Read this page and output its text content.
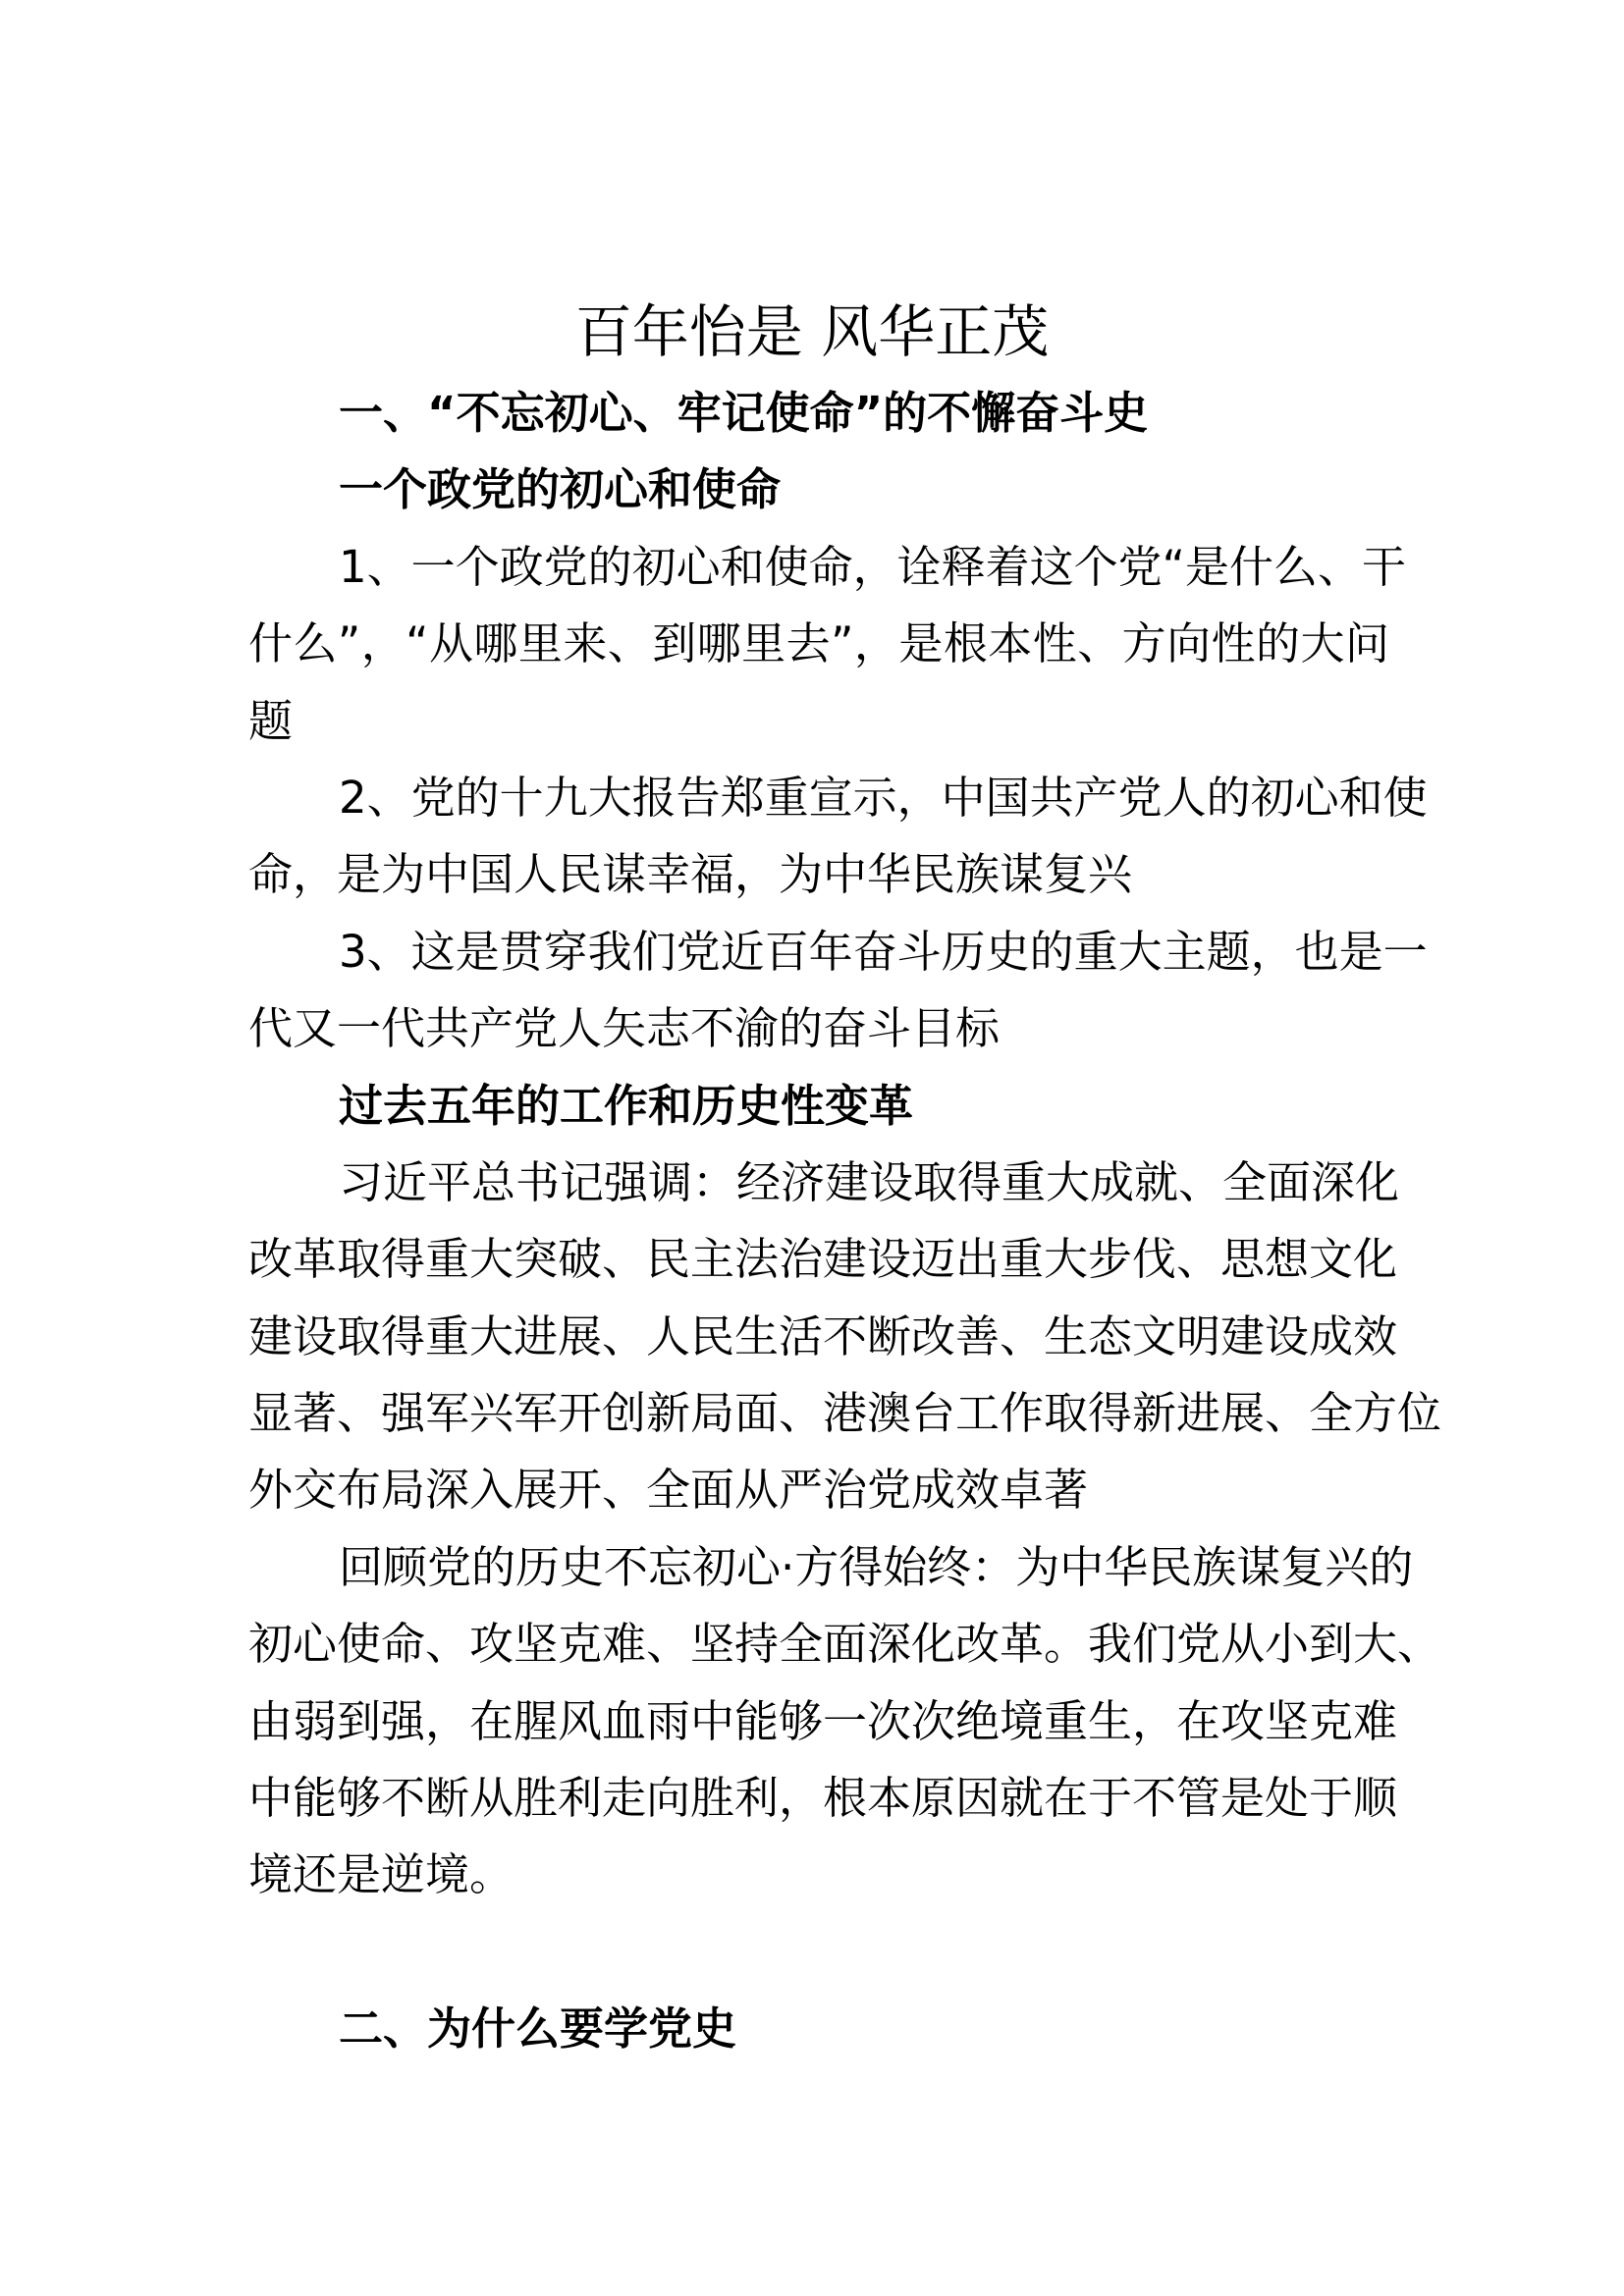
百年怡是 风华正茂
一、“不忘初心、牢记使命”的不懈奋斗史
一个政党的初心和使命
1、一个政党的初心和使命，诠释着这个党“是什么、干
什么”，“从哪里来、到哪里去”，是根本性、方向性的大问
题
2、党的十九大报告郑重宣示，中国共产党人的初心和使
命，是为中国人民谋幸福，为中华民族谋复兴
3、这是贯穿我们党近百年奋斗历史的重大主题，也是一
代又一代共产党人矢志不渝的奋斗目标
过去五年的工作和历史性变革
习近平总书记强调：经济建设取得重大成就、全面深化
改革取得重大突破、民主法治建设迈出重大步伐、思想文化
建设取得重大进展、人民生活不断改善、生态文明建设成效
显著、强军兴军开创新局面、港澳台工作取得新进展、全方位
外交布局深入展开、全面从严治党成效卓著
回顾党的历史不忘初心·方得始终：为中华民族谋复兴的
初心使命、攻坚克难、坚持全面深化改革。我们党从小到大、
由弱到强，在腥风血雨中能够一次次绝境重生，在攻坚克难
中能够不断从胜利走向胜利，根本原因就在于不管是处于顺
境还是逆境。
二、为什么要学党史
